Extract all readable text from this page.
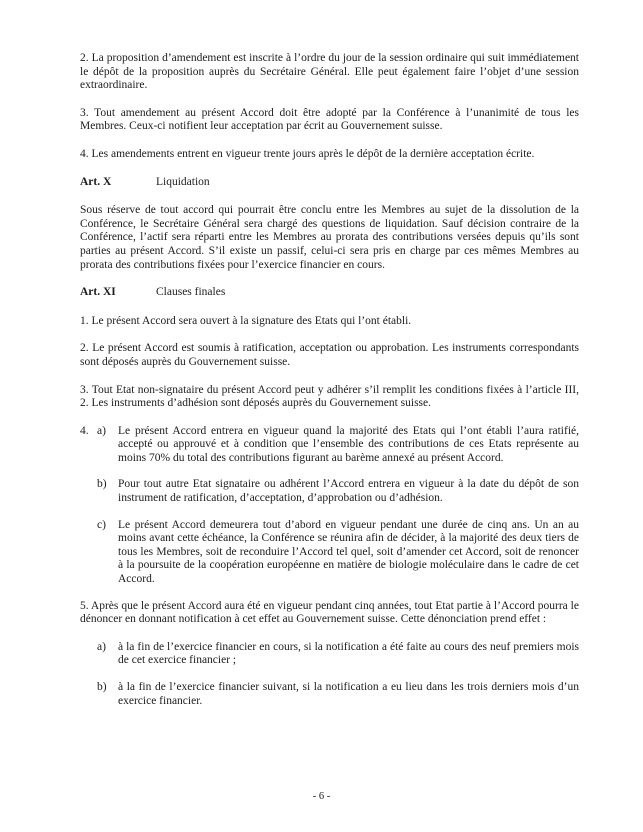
2. La proposition d’amendement est inscrite à l’ordre du jour de la session ordinaire qui suit immédiatement le dépôt de la proposition auprès du Secrétaire Général. Elle peut également faire l’objet d’une session extraordinaire.

3. Tout amendement au présent Accord doit être adopté par la Conférence à l’unanimité de tous les Membres. Ceux-ci notifient leur acceptation par écrit au Gouvernement suisse.

4. Les amendements entrent en vigueur trente jours après le dépôt de la dernière acceptation écrite.

Art. X	Liquidation

Sous réserve de tout accord qui pourrait être conclu entre les Membres au sujet de la dissolution de la Conférence, le Secrétaire Général sera chargé des questions de liquidation. Sauf décision contraire de la Conférence, l’actif sera réparti entre les Membres au prorata des contributions versées depuis qu’ils sont parties au présent Accord. S’il existe un passif, celui-ci sera pris en charge par ces mêmes Membres au prorata des contributions fixées pour l’exercice financier en cours.

Art. XI	Clauses finales

1. Le présent Accord sera ouvert à la signature des Etats qui l’ont établi.

2. Le présent Accord est soumis à ratification, acceptation ou approbation. Les instruments correspondants sont déposés auprès du Gouvernement suisse.

3. Tout Etat non-signataire du présent Accord peut y adhérer s’il remplit les conditions fixées à l’article III, 2. Les instruments d’adhésion sont déposés auprès du Gouvernement suisse.

4. a)	Le présent Accord entrera en vigueur quand la majorité des Etats qui l’ont établi l’aura ratifié, accepté ou approuvé et à condition que l’ensemble des contributions de ces Etats représente au moins 70% du total des contributions figurant au barème annexé au présent Accord.
b) Pour tout autre Etat signataire ou adhérent l’Accord entrera en vigueur à la date du dépôt de son instrument de ratification, d’acceptation, d’approbation ou d’adhésion.
c)	Le présent Accord demeurera tout d’abord en vigueur pendant une durée de cinq ans. Un an au moins avant cette échéance, la Conférence se réunira afin de décider, à la majorité des deux tiers de tous les Membres, soit de reconduire l’Accord tel quel, soit d’amender cet Accord, soit de renoncer à la poursuite de la coopération européenne en matière de biologie moléculaire dans le cadre de cet Accord.

5. Après que le présent Accord aura été en vigueur pendant cinq années, tout Etat partie à l’Accord pourra le dénoncer en donnant notification à cet effet au Gouvernement suisse. Cette dénonciation prend effet :

a)	à la fin de l’exercice financier en cours, si la notification a été faite au cours des neuf premiers mois de cet exercice financier ;
b) à la fin de l’exercice financier suivant, si la notification a eu lieu dans les trois derniers mois d’un exercice financier.
- 6 -
